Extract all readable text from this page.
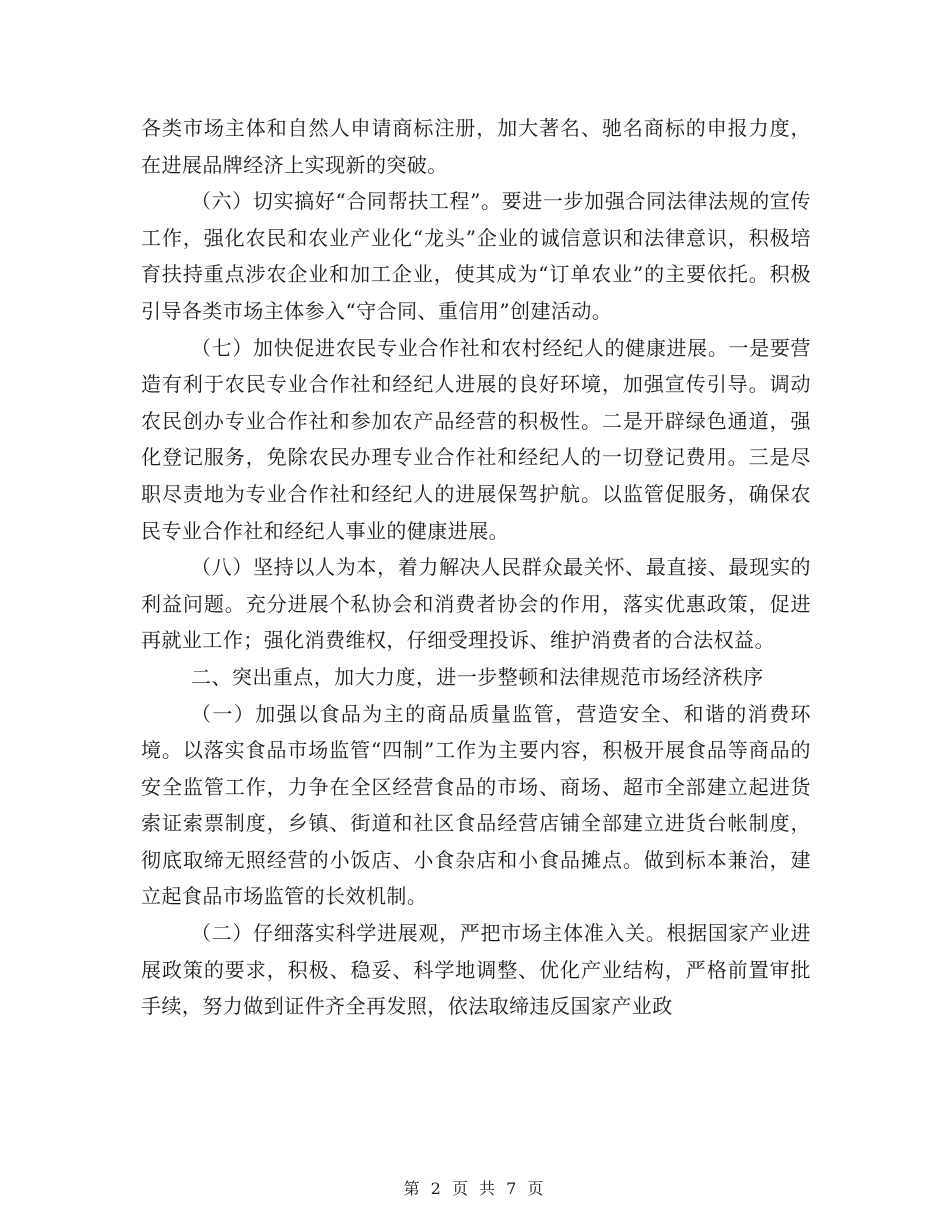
各类市场主体和自然人申请商标注册，加大著名、驰名商标的申报力度，在进展品牌经济上实现新的突破。

（六）切实搞好“合同帮扶工程”。要进一步加强合同法律法规的宣传工作，强化农民和农业产业化“龙头”企业的诚信意识和法律意识，积极培育扶持重点涉农企业和加工企业，使其成为“订单农业”的主要依托。积极引导各类市场主体参入“守合同、重信用”创建活动。

（七）加快促进农民专业合作社和农村经纪人的健康进展。一是要营造有利于农民专业合作社和经纪人进展的良好环境，加强宣传引导。调动农民创办专业合作社和参加农产品经营的积极性。二是开辟绿色通道，强化登记服务，免除农民办理专业合作社和经纪人的一切登记费用。三是尽职尽责地为专业合作社和经纪人的进展保驾护航。以监管促服务，确保农民专业合作社和经纪人事业的健康进展。

（八）坚持以人为本，着力解决人民群众最关怀、最直接、最现实的利益问题。充分进展个私协会和消费者协会的作用，落实优惠政策，促进再就业工作；强化消费维权，仔细受理投诉、维护消费者的合法权益。

二、突出重点，加大力度，进一步整顿和法律规范市场经济秩序

（一）加强以食品为主的商品质量监管，营造安全、和谐的消费环境。以落实食品市场监管“四制”工作为主要内容，积极开展食品等商品的安全监管工作，力争在全区经营食品的市场、商场、超市全部建立起进货索证索票制度，乡镇、街道和社区食品经营店铺全部建立进货台帐制度，彻底取缔无照经营的小饭店、小食杂店和小食品摊点。做到标本兼治，建立起食品市场监管的长效机制。

（二）仔细落实科学进展观，严把市场主体准入关。根据国家产业进展政策的要求，积极、稳妥、科学地调整、优化产业结构，严格前置审批手续，努力做到证件齐全再发照，依法取缔违反国家产业政

第 2 页 共 7 页
